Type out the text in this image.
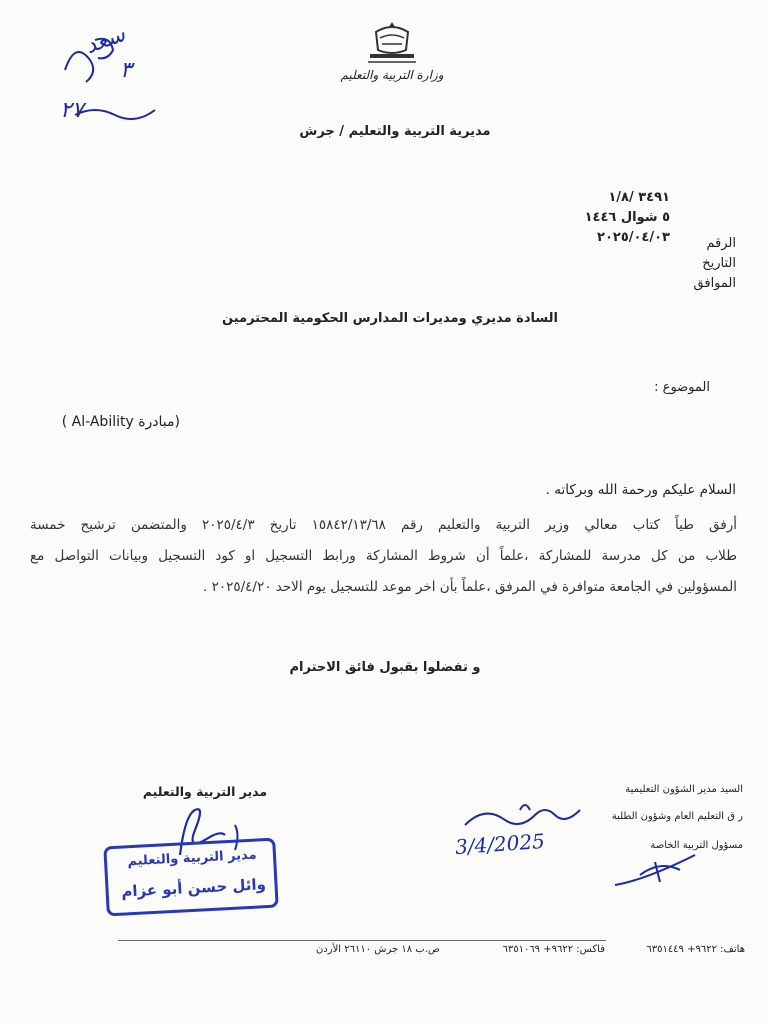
وزارة التربية والتعليم
مديرية التربية والتعليم / جرش
سعد
٣
٢٧
٣٤٩١ /١/٨
٥ شوال ١٤٤٦
٢٠٢٥/٠٤/٠٣	الرقم
التاريخ
الموافق
السادة مديري ومديرات المدارس الحكومية المحترمين
الموضوع :
(مبادرة Al-Ability )
السلام عليكم ورحمة الله وبركاته .
أرفق طياً كتاب معالي وزير التربية والتعليم رقم ١٥٨٤٢/١٣/٦٨ تاريخ ٢٠٢٥/٤/٣ والمتضمن ترشيح خمسة
طلاب من كل مدرسة للمشاركة ،علماً أن شروط المشاركة ورابط التسجيل او كود التسجيل وبيانات التواصل مع
المسؤولين في الجامعة متوافرة في المرفق ،علماً بأن اخر موعد للتسجيل يوم الاحد ٢٠٢٥/٤/٢٠ .
و تفضلوا بقبول فائق الاحترام
مدير التربية والتعليم
مدير التربية والتعليم
وائل حسن أبو عزام
السيد مدير الشؤون التعليمية
ر ق التعليم العام وشؤون الطلبة
مسؤول التربية الخاصة
3/4/2025
هاتف: ٩٦٢٢+ ٦٣٥١٤٤٩
فاكس: ٩٦٢٢+ ٦٣٥١٠٦٩
ص.ب ١٨ جرش ٢٦١١٠ الأردن
